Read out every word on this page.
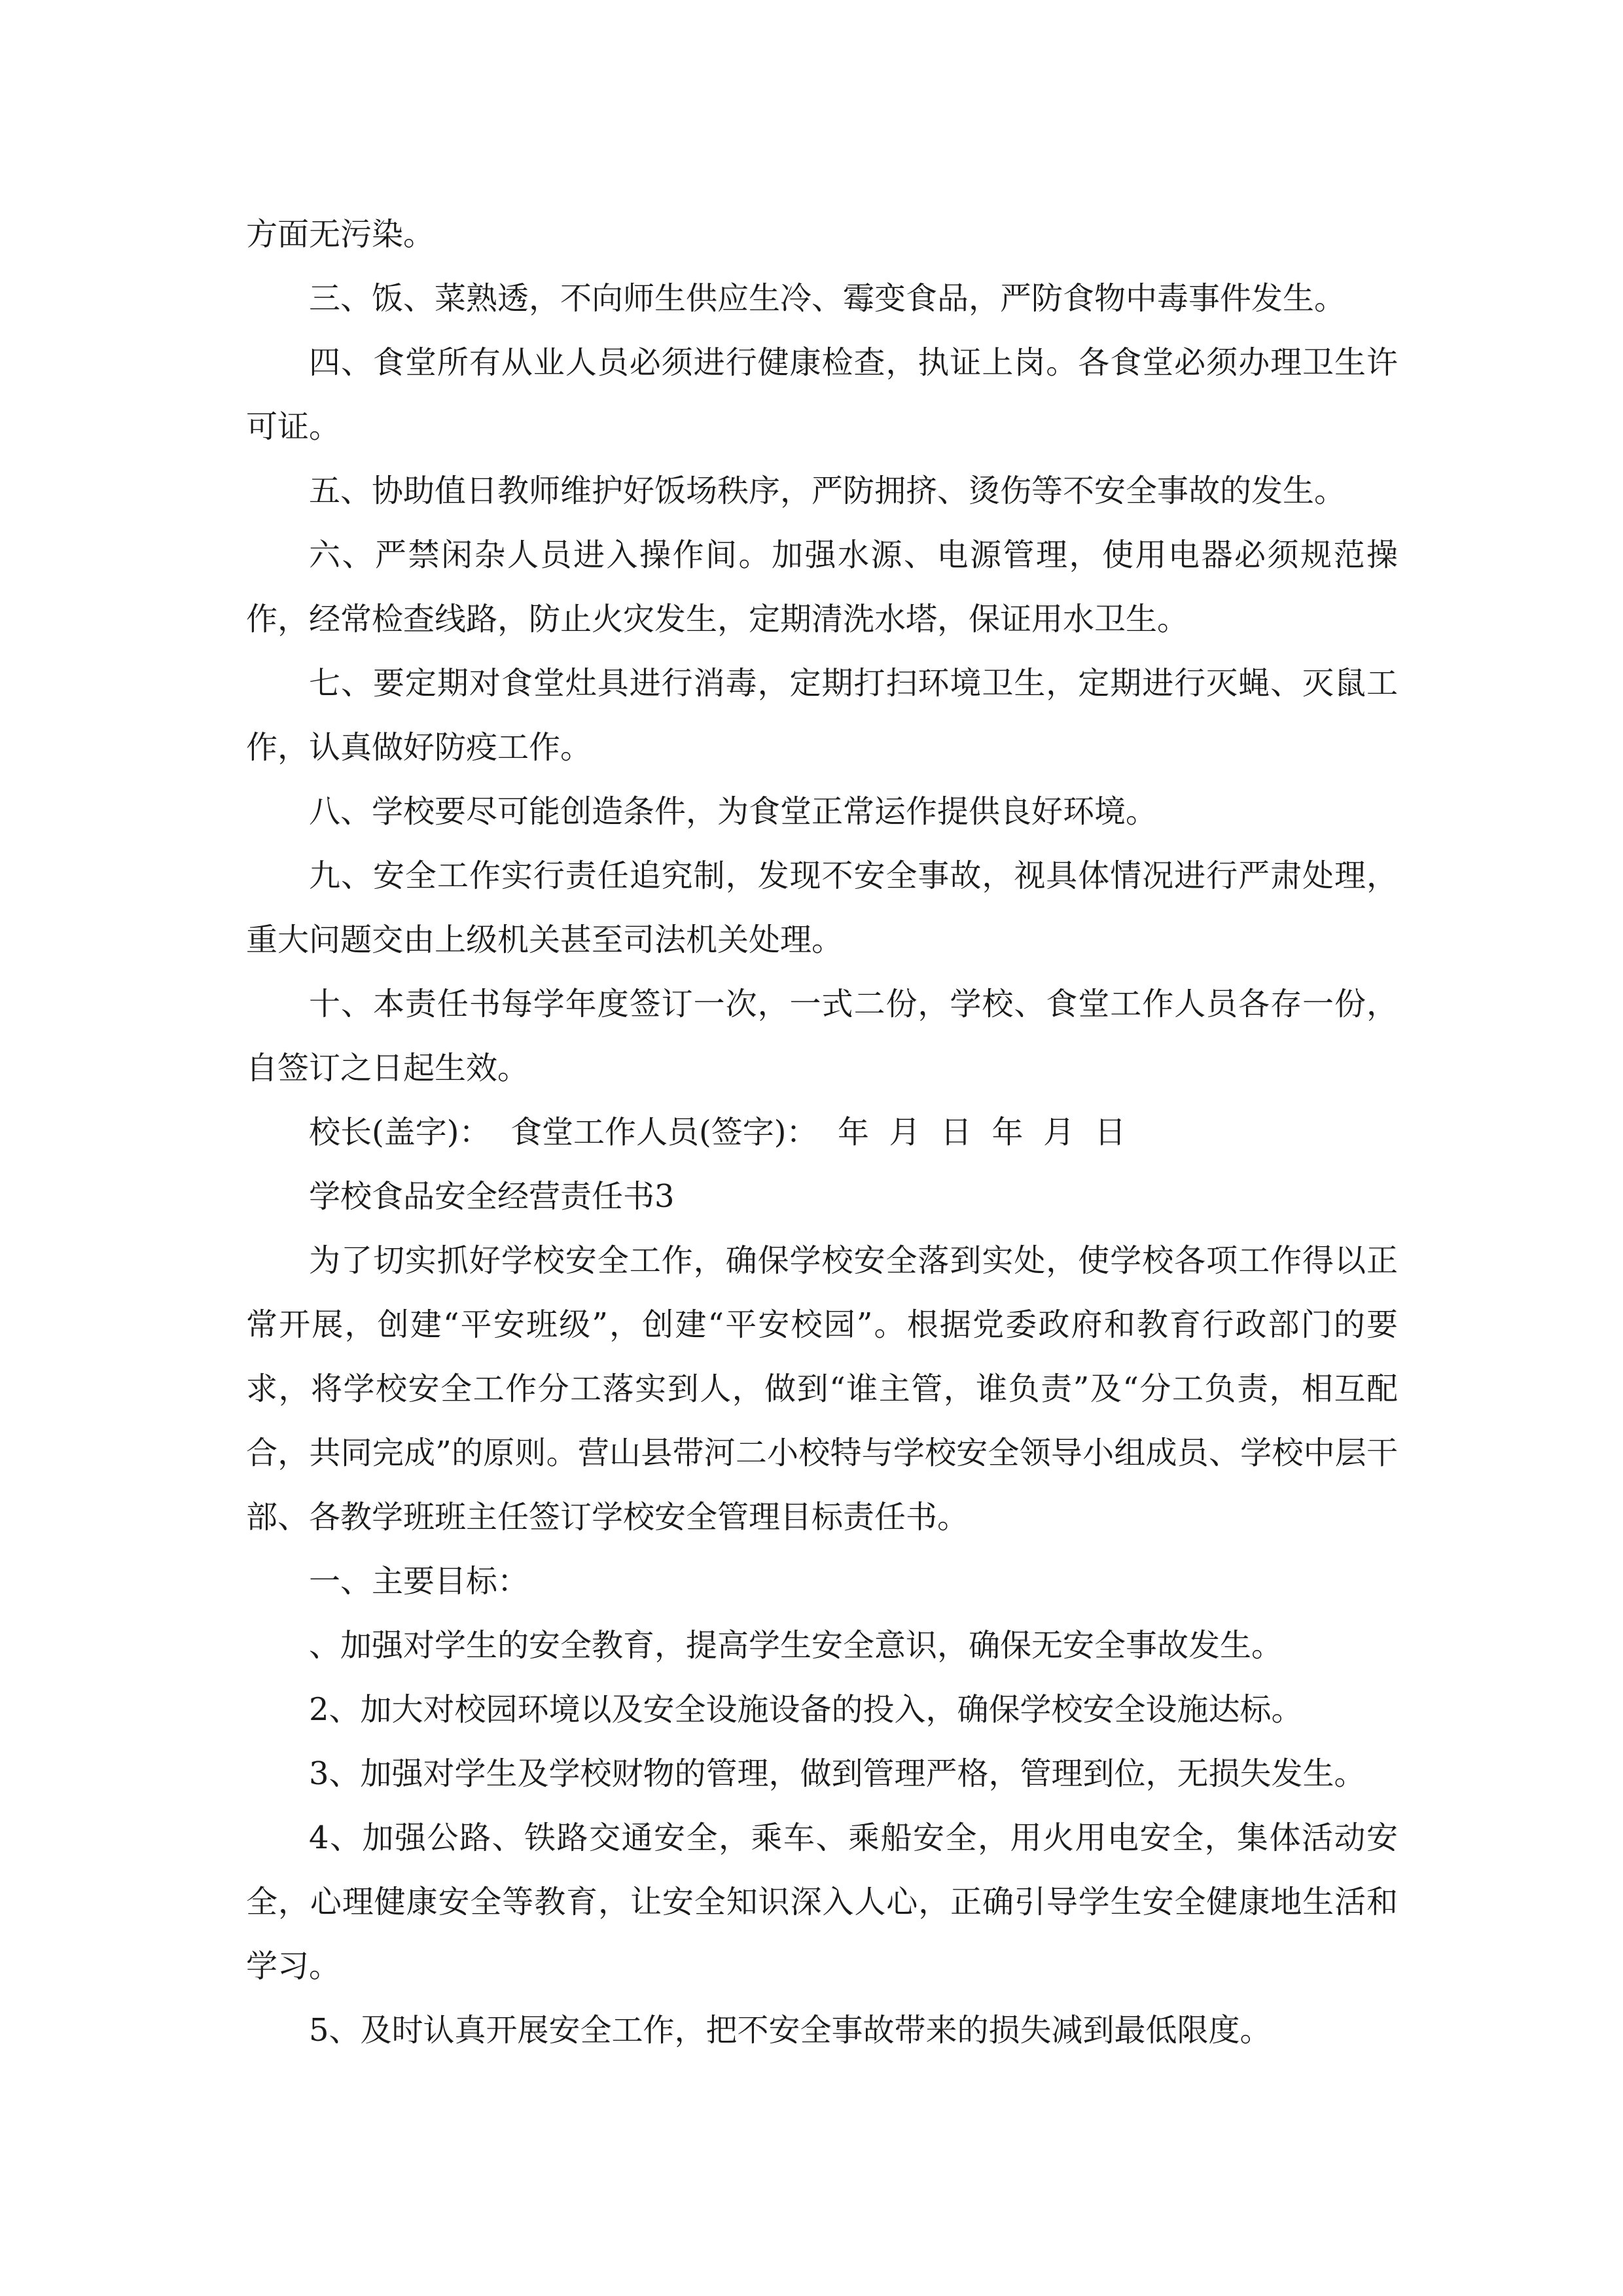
方面无污染。

三、饭、菜熟透，不向师生供应生冷、霉变食品，严防食物中毒事件发生。

四、食堂所有从业人员必须进行健康检查，执证上岗。各食堂必须办理卫生许可证。

五、协助值日教师维护好饭场秩序，严防拥挤、烫伤等不安全事故的发生。

六、严禁闲杂人员进入操作间。加强水源、电源管理，使用电器必须规范操作，经常检查线路，防止火灾发生，定期清洗水塔，保证用水卫生。

七、要定期对食堂灶具进行消毒，定期打扫环境卫生，定期进行灭蝇、灭鼠工作，认真做好防疫工作。

八、学校要尽可能创造条件，为食堂正常运作提供良好环境。

九、安全工作实行责任追究制，发现不安全事故，视具体情况进行严肃处理，重大问题交由上级机关甚至司法机关处理。

十、本责任书每学年度签订一次，一式二份，学校、食堂工作人员各存一份，自签订之日起生效。

校长(盖字)：  食堂工作人员(签字)：  年  月  日  年  月  日

学校食品安全经营责任书3

为了切实抓好学校安全工作，确保学校安全落到实处，使学校各项工作得以正常开展，创建“平安班级”，创建“平安校园”。根据党委政府和教育行政部门的要求，将学校安全工作分工落实到人，做到“谁主管，谁负责”及“分工负责，相互配合，共同完成”的原则。营山县带河二小校特与学校安全领导小组成员、学校中层干部、各教学班班主任签订学校安全管理目标责任书。

一、主要目标：

、加强对学生的安全教育，提高学生安全意识，确保无安全事故发生。

2、加大对校园环境以及安全设施设备的投入，确保学校安全设施达标。

3、加强对学生及学校财物的管理，做到管理严格，管理到位，无损失发生。

4、加强公路、铁路交通安全，乘车、乘船安全，用火用电安全，集体活动安全，心理健康安全等教育，让安全知识深入人心，正确引导学生安全健康地生活和学习。

5、及时认真开展安全工作，把不安全事故带来的损失减到最低限度。
